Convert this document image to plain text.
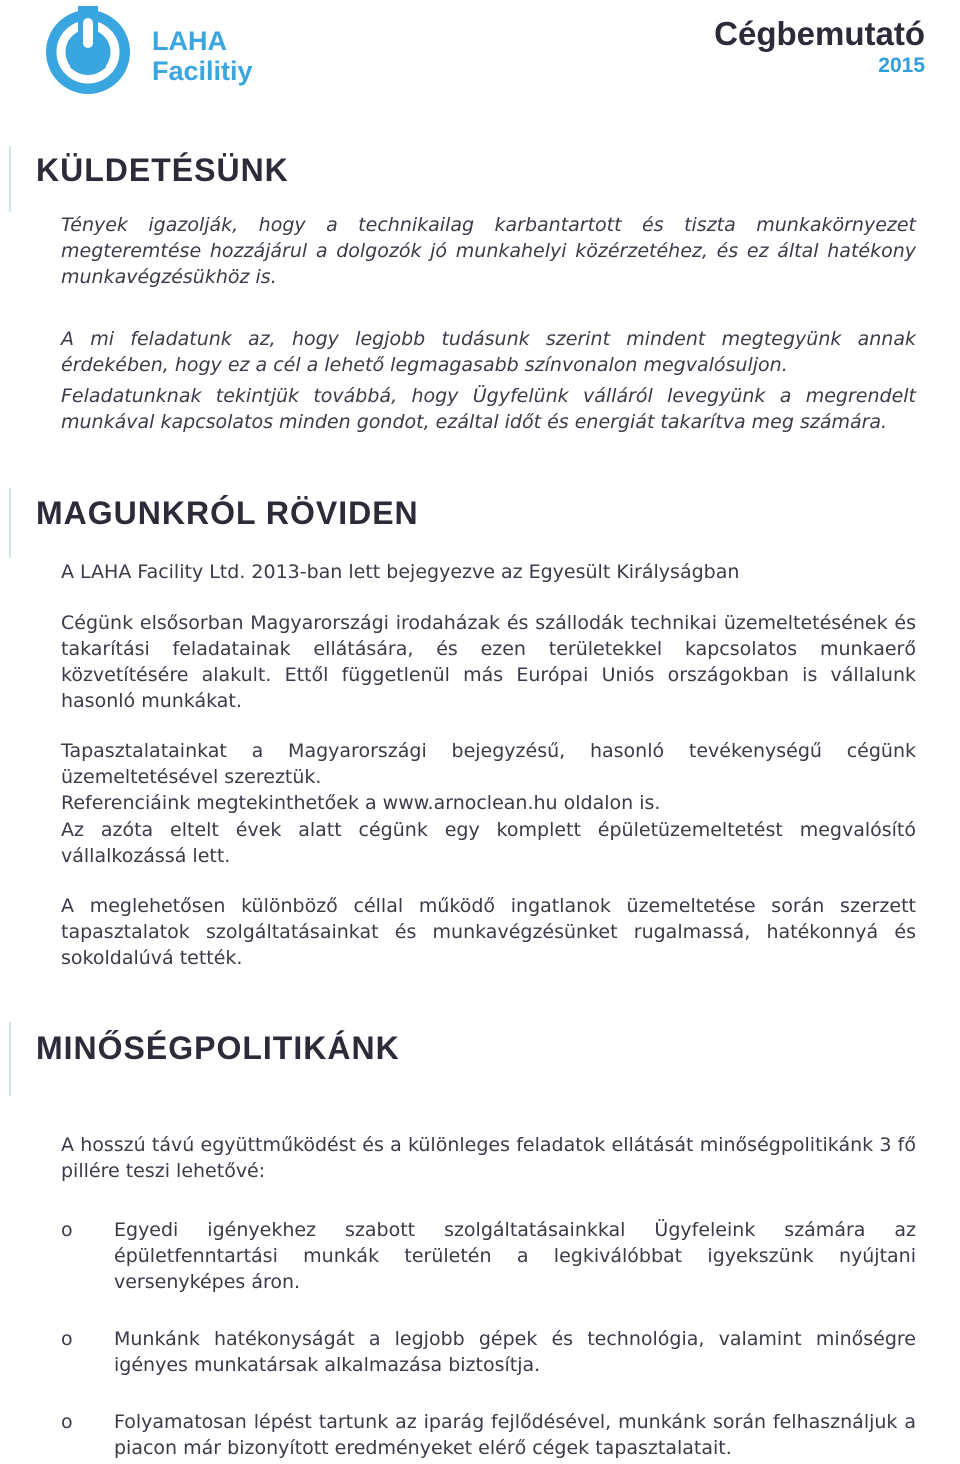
LAHA
Facilitiy
Cégbemutató
2015
KÜLDETÉSÜNK

Tények igazolják, hogy a technikailag karbantartott és tiszta munkakörnyezet megteremtése hozzájárul a dolgozók jó munkahelyi közérzetéhez, és ez által hatékony munkavégzésükhöz is.

A mi feladatunk az, hogy legjobb tudásunk szerint mindent megtegyünk annak érdekében, hogy ez a cél a lehető legmagasabb színvonalon megvalósuljon.

Feladatunknak tekintjük továbbá, hogy Ügyfelünk válláról levegyünk a megrendelt munkával kapcsolatos minden gondot, ezáltal időt és energiát takarítva meg számára.

MAGUNKRÓL RÖVIDEN

A LAHA Facility Ltd. 2013-ban lett bejegyezve az Egyesült Királyságban

Cégünk elsősorban Magyarországi irodaházak és szállodák technikai üzemeltetésének és takarítási feladatainak ellátására, és ezen területekkel kapcsolatos munkaerő közvetítésére alakult. Ettől függetlenül más Európai Uniós országokban is vállalunk hasonló munkákat.

Tapasztalatainkat a Magyarországi bejegyzésű, hasonló tevékenységű cégünk üzemeltetésével szereztük.

Referenciáink megtekinthetőek a www.arnoclean.hu oldalon is.

Az azóta eltelt évek alatt cégünk egy komplett épületüzemeltetést megvalósító vállalkozássá lett.

A meglehetősen különböző céllal működő ingatlanok üzemeltetése során szerzett tapasztalatok szolgáltatásainkat és munkavégzésünket rugalmassá, hatékonnyá és sokoldalúvá tették.

MINŐSÉGPOLITIKÁNK

A hosszú távú együttműködést és a különleges feladatok ellátását minőségpolitikánk 3 fő pillére teszi lehetővé:

o Egyedi igényekhez szabott szolgáltatásainkkal Ügyfeleink számára az épületfenntartási munkák területén a legkiválóbbat igyekszünk nyújtani versenyképes áron.

o Munkánk hatékonyságát a legjobb gépek és technológia, valamint minőségre igényes munkatársak alkalmazása biztosítja.

o Folyamatosan lépést tartunk az iparág fejlődésével, munkánk során felhasználjuk a piacon már bizonyított eredményeket elérő cégek tapasztalatait.
